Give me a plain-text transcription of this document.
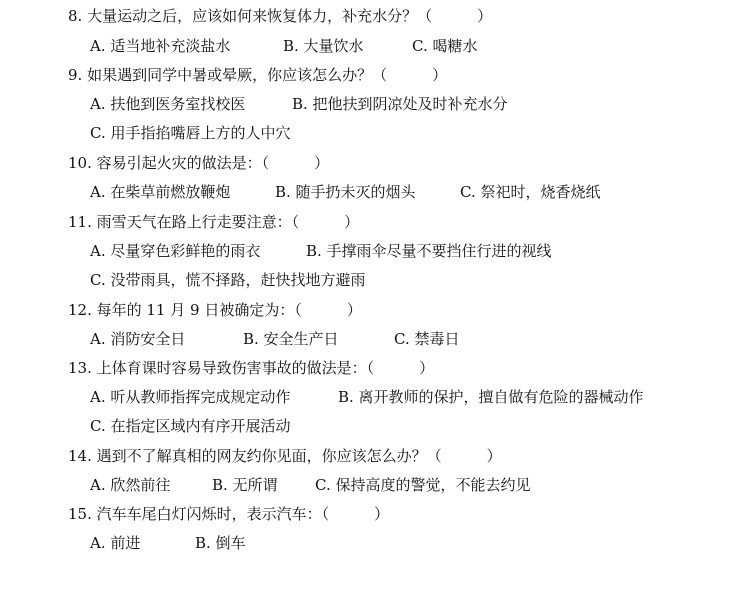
8. 大量运动之后，应该如何来恢复体力，补充水分？（　　　）

A. 适当地补充淡盐水

	B. 大量饮水

	C. 喝糖水

9. 如果遇到同学中暑或晕厥，你应该怎么办？（　　　）

A. 扶他到医务室找校医

	B. 把他扶到阴凉处及时补充水分

C. 用手指掐嘴唇上方的人中穴
10. 容易引起火灾的做法是：（　　　）

A. 在柴草前燃放鞭炮

	B. 随手扔未灭的烟头

	C. 祭祀时，烧香烧纸

11. 雨雪天气在路上行走要注意：（　　　）

A. 尽量穿色彩鲜艳的雨衣

	B. 手撑雨伞尽量不要挡住行进的视线

C. 没带雨具，慌不择路，赶快找地方避雨
12. 每年的 11 月 9 日被确定为：（　　　）

A. 消防安全日

	B. 安全生产日

	C. 禁毒日

13. 上体育课时容易导致伤害事故的做法是：（　　　）

A. 听从教师指挥完成规定动作

	B. 离开教师的保护，擅自做有危险的器械动作

C. 在指定区域内有序开展活动
14. 遇到不了解真相的网友约你见面，你应该怎么办？（　　　）

A. 欣然前往

	B. 无所谓

C. 保持高度的警觉，不能去约见

15. 汽车车尾白灯闪烁时，表示汽车：（　　　）

A. 前进

	B. 倒车
